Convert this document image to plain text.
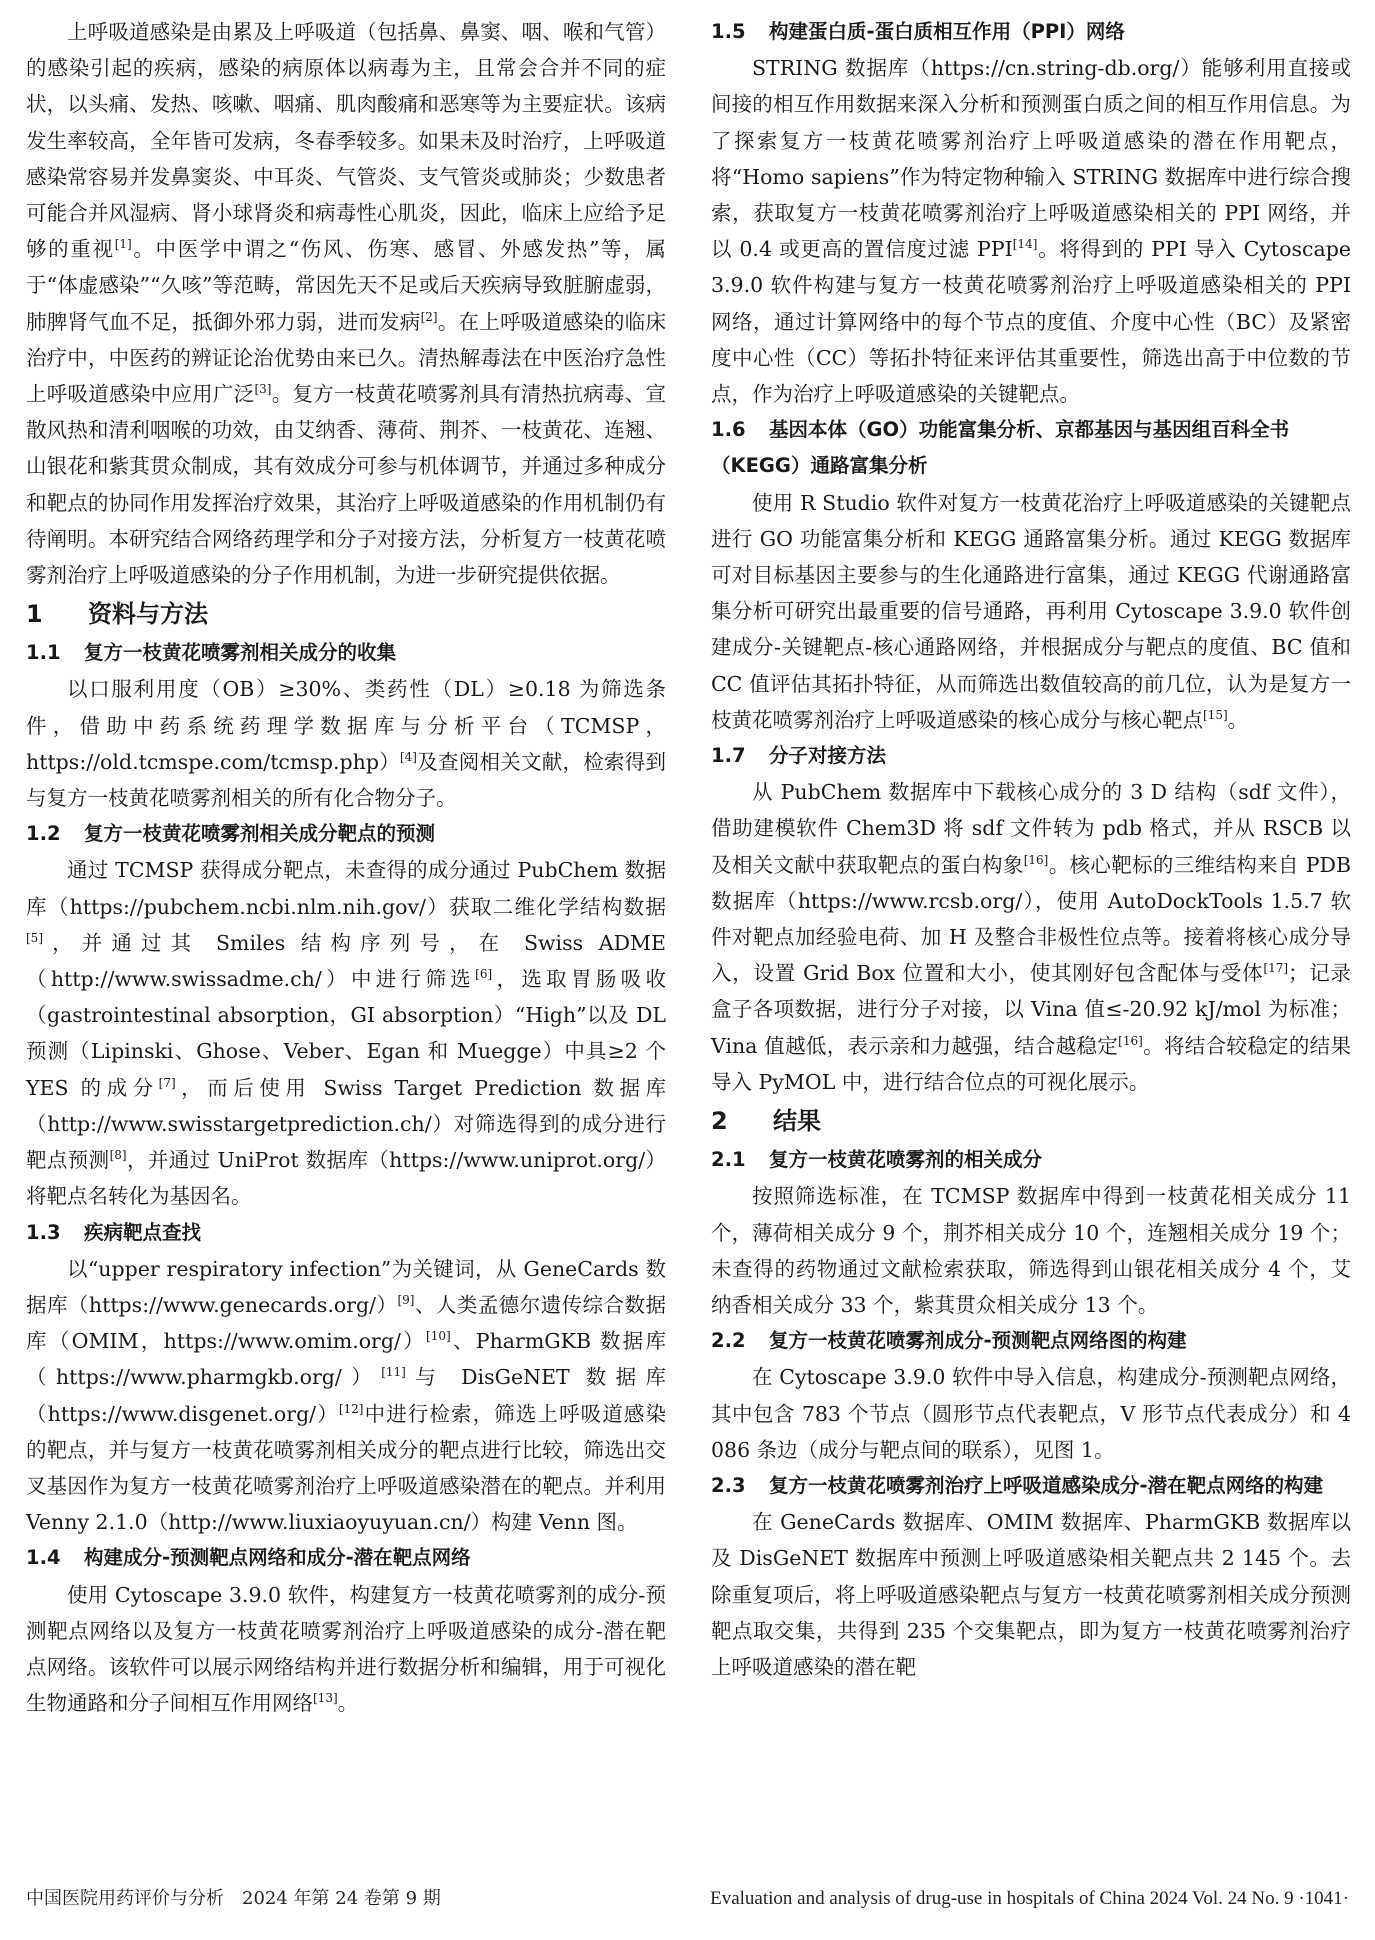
上呼吸道感染是由累及上呼吸道（包括鼻、鼻窦、咽、喉和气管）的感染引起的疾病，感染的病原体以病毒为主，且常会合并不同的症状，以头痛、发热、咳嗽、咽痛、肌肉酸痛和恶寒等为主要症状。该病发生率较高，全年皆可发病，冬春季较多。如果未及时治疗，上呼吸道感染常容易并发鼻窦炎、中耳炎、气管炎、支气管炎或肺炎；少数患者可能合并风湿病、肾小球肾炎和病毒性心肌炎，因此，临床上应给予足够的重视[1]。中医学中谓之“伤风、伤寒、感冒、外感发热”等，属于“体虚感染”“久咳”等范畴，常因先天不足或后天疾病导致脏腑虚弱，肺脾肾气血不足，抵御外邪力弱，进而发病[2]。在上呼吸道感染的临床治疗中，中医药的辨证论治优势由来已久。清热解毒法在中医治疗急性上呼吸道感染中应用广泛[3]。复方一枝黄花喷雾剂具有清热抗病毒、宣散风热和清利咽喉的功效，由艾纳香、薄荷、荆芥、一枝黄花、连翘、山银花和紫萁贯众制成，其有效成分可参与机体调节，并通过多种成分和靶点的协同作用发挥治疗效果，其治疗上呼吸道感染的作用机制仍有待阐明。本研究结合网络药理学和分子对接方法，分析复方一枝黄花喷雾剂治疗上呼吸道感染的分子作用机制，为进一步研究提供依据。

1 资料与方法
1.1 复方一枝黄花喷雾剂相关成分的收集

以口服利用度（OB）≥30%、类药性（DL）≥0.18 为筛选条件，借助中药系统药理学数据库与分析平台（TCMSP，https://old.tcmspe.com/tcmsp.php）[4]及查阅相关文献，检索得到与复方一枝黄花喷雾剂相关的所有化合物分子。

1.2 复方一枝黄花喷雾剂相关成分靶点的预测

通过 TCMSP 获得成分靶点，未查得的成分通过 PubChem 数据库（https://pubchem.ncbi.nlm.nih.gov/）获取二维化学结构数据[5]，并通过其 Smiles 结构序列号，在 Swiss ADME（http://www.swissadme.ch/）中进行筛选[6]，选取胃肠吸收（gastrointestinal absorption，GI absorption）“High”以及 DL 预测（Lipinski、Ghose、Veber、Egan 和 Muegge）中具≥2 个 YES 的成分[7]，而后使用 Swiss Target Prediction 数据库（http://www.swisstargetprediction.ch/）对筛选得到的成分进行靶点预测[8]，并通过 UniProt 数据库（https://www.uniprot.org/）将靶点名转化为基因名。

1.3 疾病靶点查找

以“upper respiratory infection”为关键词，从 GeneCards 数据库（https://www.genecards.org/）[9]、人类孟德尔遗传综合数据库（OMIM，https://www.omim.org/）[10]、PharmGKB 数据库（https://www.pharmgkb.org/）[11]与 DisGeNET 数据库（https://www.disgenet.org/）[12]中进行检索，筛选上呼吸道感染的靶点，并与复方一枝黄花喷雾剂相关成分的靶点进行比较，筛选出交叉基因作为复方一枝黄花喷雾剂治疗上呼吸道感染潜在的靶点。并利用 Venny 2.1.0（http://www.liuxiaoyuyuan.cn/）构建 Venn 图。

1.4 构建成分-预测靶点网络和成分-潜在靶点网络

使用 Cytoscape 3.9.0 软件，构建复方一枝黄花喷雾剂的成分-预测靶点网络以及复方一枝黄花喷雾剂治疗上呼吸道感染的成分-潜在靶点网络。该软件可以展示网络结构并进行数据分析和编辑，用于可视化生物通路和分子间相互作用网络[13]。

1.5 构建蛋白质-蛋白质相互作用（PPI）网络

STRING 数据库（https://cn.string-db.org/）能够利用直接或间接的相互作用数据来深入分析和预测蛋白质之间的相互作用信息。为了探索复方一枝黄花喷雾剂治疗上呼吸道感染的潜在作用靶点，将“Homo sapiens”作为特定物种输入 STRING 数据库中进行综合搜索，获取复方一枝黄花喷雾剂治疗上呼吸道感染相关的 PPI 网络，并以 0.4 或更高的置信度过滤 PPI[14]。将得到的 PPI 导入 Cytoscape 3.9.0 软件构建与复方一枝黄花喷雾剂治疗上呼吸道感染相关的 PPI 网络，通过计算网络中的每个节点的度值、介度中心性（BC）及紧密度中心性（CC）等拓扑特征来评估其重要性，筛选出高于中位数的节点，作为治疗上呼吸道感染的关键靶点。

1.6 基因本体（GO）功能富集分析、京都基因与基因组百科全书（KEGG）通路富集分析

使用 R Studio 软件对复方一枝黄花治疗上呼吸道感染的关键靶点进行 GO 功能富集分析和 KEGG 通路富集分析。通过 KEGG 数据库可对目标基因主要参与的生化通路进行富集，通过 KEGG 代谢通路富集分析可研究出最重要的信号通路，再利用 Cytoscape 3.9.0 软件创建成分-关键靶点-核心通路网络，并根据成分与靶点的度值、BC 值和 CC 值评估其拓扑特征，从而筛选出数值较高的前几位，认为是复方一枝黄花喷雾剂治疗上呼吸道感染的核心成分与核心靶点[15]。

1.7 分子对接方法

从 PubChem 数据库中下载核心成分的 3 D 结构（sdf 文件），借助建模软件 Chem3D 将 sdf 文件转为 pdb 格式，并从 RSCB 以及相关文献中获取靶点的蛋白构象[16]。核心靶标的三维结构来自 PDB 数据库（https://www.rcsb.org/），使用 AutoDockTools 1.5.7 软件对靶点加经验电荷、加 H 及整合非极性位点等。接着将核心成分导入，设置 Grid Box 位置和大小，使其刚好包含配体与受体[17]；记录盒子各项数据，进行分子对接，以 Vina 值≤-20.92 kJ/mol 为标准；Vina 值越低，表示亲和力越强，结合越稳定[16]。将结合较稳定的结果导入 PyMOL 中，进行结合位点的可视化展示。

2 结果
2.1 复方一枝黄花喷雾剂的相关成分

按照筛选标准，在 TCMSP 数据库中得到一枝黄花相关成分 11 个，薄荷相关成分 9 个，荆芥相关成分 10 个，连翘相关成分 19 个；未查得的药物通过文献检索获取，筛选得到山银花相关成分 4 个，艾纳香相关成分 33 个，紫萁贯众相关成分 13 个。

2.2 复方一枝黄花喷雾剂成分-预测靶点网络图的构建

在 Cytoscape 3.9.0 软件中导入信息，构建成分-预测靶点网络，其中包含 783 个节点（圆形节点代表靶点，V 形节点代表成分）和 4 086 条边（成分与靶点间的联系），见图 1。

2.3 复方一枝黄花喷雾剂治疗上呼吸道感染成分-潜在靶点网络的构建

在 GeneCards 数据库、OMIM 数据库、PharmGKB 数据库以及 DisGeNET 数据库中预测上呼吸道感染相关靶点共 2 145 个。去除重复项后，将上呼吸道感染靶点与复方一枝黄花喷雾剂相关成分预测靶点取交集，共得到 235 个交集靶点，即为复方一枝黄花喷雾剂治疗上呼吸道感染的潜在靶

中国医院用药评价与分析　2024 年第 24 卷第 9 期	Evaluation and analysis of drug-use in hospitals of China 2024 Vol. 24 No. 9 ·1041·
